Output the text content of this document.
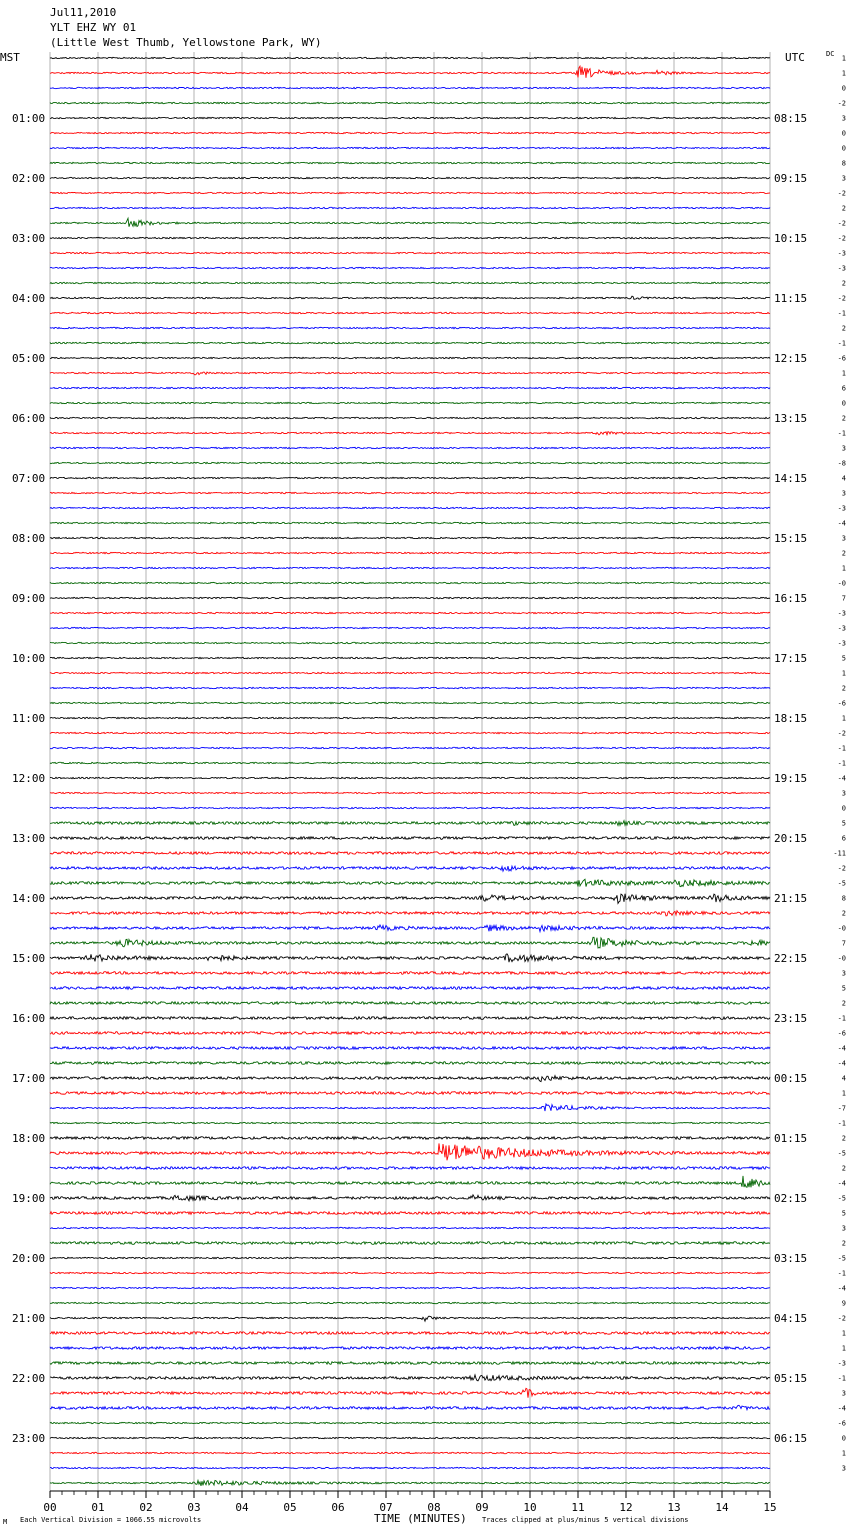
Jul11,2010
YLT EHZ WY 01
(Little West Thumb, Yellowstone Park, WY)
MST	UTC	DC
01:00
02:00
03:00
04:00
05:00
06:00
07:00
08:00
09:00
10:00
11:00
12:00
13:00
14:00
15:00
16:00
17:00
18:00
19:00
20:00
21:00
22:00
23:00
08:15
09:15
10:15
11:15
12:15
13:15
14:15
15:15
16:15
17:15
18:15
19:15
20:15
21:15
22:15
23:15
00:15
01:15
02:15
03:15
04:15
05:15
06:15
1
1
0
-2
3
0
0
8
3
-2
2
-2
-2
-3
-3
2
-2
-1
2
-1
-6
1
6
0
2
-1
3
-8
4
3
-3
-4
3
2
1
-0
7
-3
-3
-3
5
1
2
-6
1
-2
-1
-1
-4
3
0
5
6
-11
-2
-5
8
2
-0
7
-0
3
5
2
-1
-6
-4
-4
4
1
-7
-1
2
-5
2
-4
-5
5
3
2
-5
-1
-4
9
-2
1
1
-3
-1
3
-4
-6
0
1
3
00	01	02	03	04	05	06	07	08	09	10	11	12	13	14	15
M Each Vertical Division = 1066.55 microvolts	TIME (MINUTES) Traces clipped at plus/minus 5 vertical divisions
